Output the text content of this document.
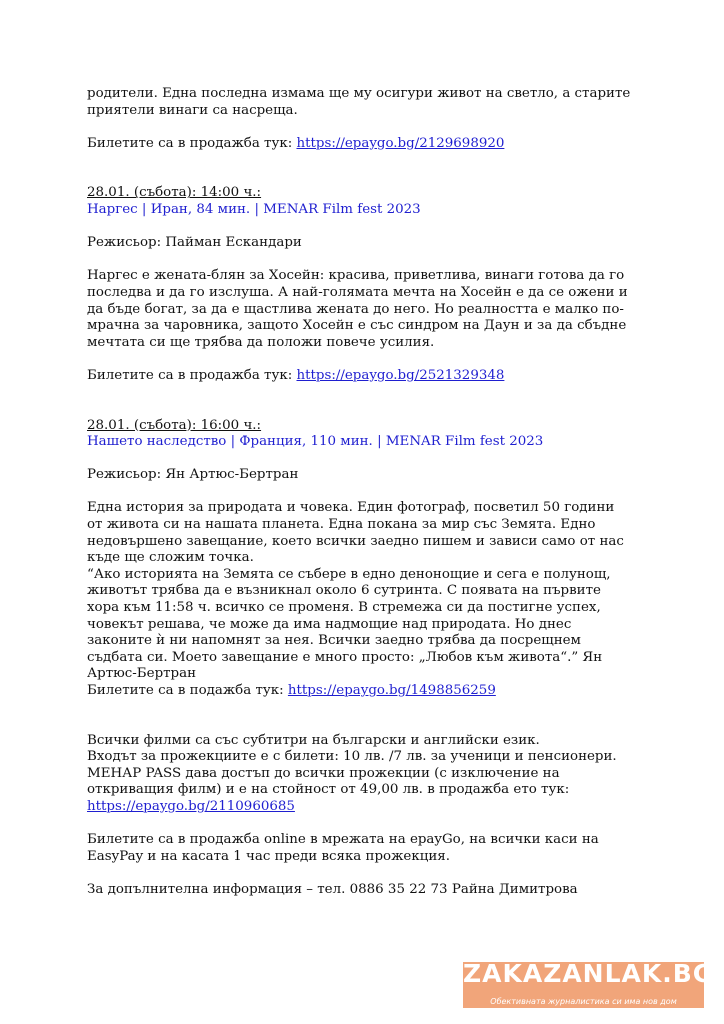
родители. Една последна измама ще му осигури живот на светло, а старите

приятели винаги са насреща.

Билетите са в продажба тук: https://epaygo.bg/2129698920

28.01. (събота): 14:00 ч.:

Наргес | Иран, 84 мин. | MENAR Film fest 2023

Режисьор: Пайман Ескандари

Наргес е жената-блян за Хосейн: красива, приветлива, винаги готова да го

последва и да го изслуша. А най-голямата мечта на Хосейн е да се ожени и

да бъде богат, за да е щастлива жената до него. Но реалността е малко по-

мрачна за чаровника, защото Хосейн е със синдром на Даун и за да сбъдне

мечтата си ще трябва да положи повече усилия.

Билетите са в продажба тук: https://epaygo.bg/2521329348

28.01. (събота): 16:00 ч.:

Нашето наследство | Франция, 110 мин. | MENAR Film fest 2023

Режисьор: Ян Артюс-Бертран

Една история за природата и човека. Един фотограф, посветил 50 години

от живота си на нашата планета. Една покана за мир със Земята. Едно

недовършено завещание, което всички заедно пишем и зависи само от нас

къде ще сложим точка.

“Ако историята на Земята се събере в едно денонощие и сега е полунощ,

животът трябва да е възникнал около 6 сутринта. С появата на първите

хора към 11:58 ч. всичко се променя. В стремежа си да постигне успех,

човекът решава, че може да има надмощие над природата. Но днес

законите ѝ ни напомнят за нея. Всички заедно трябва да посрещнем

съдбата си. Моето завещание е много просто: „Любов към живота“.” Ян

Артюс-Бертран

Билетите са в подажба тук: https://epaygo.bg/1498856259

Всички филми са със субтитри на български и английски език.

Входът за прожекциите е с билети: 10 лв. /7 лв. за ученици и пенсионери.

МЕНАР PASS дава достъп до всички прожекции (с изключение на

откриващия филм) и е на стойност от 49,00 лв. в продажба ето тук:

https://epaygo.bg/2110960685

Билетите са в продажба online в мрежата на epayGo, на всички каси на

EasyPay и на касата 1 час преди всяка прожекция.

За допълнителна информация – тел. 0886 35 22 73 Райна Димитрова

ZAKAZANLAK.BG
Обективната журналистика си има нов дом
